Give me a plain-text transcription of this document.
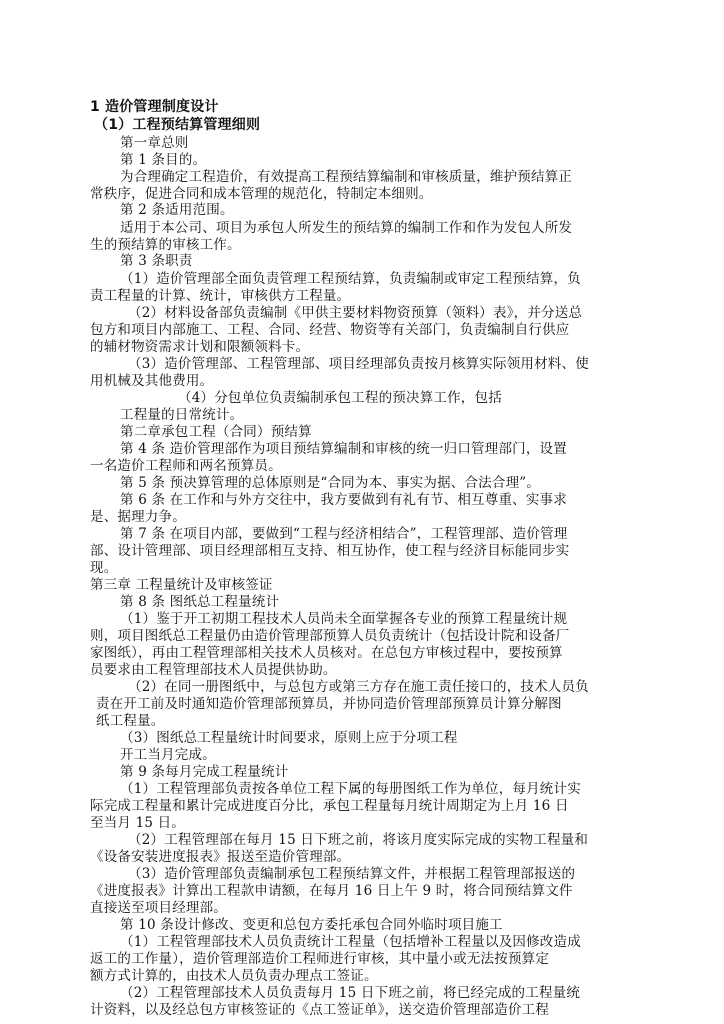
1 造价管理制度设计
（1）工程预结算管理细则
第一章总则
第 1 条目的。
为合理确定工程造价，有效提高工程预结算编制和审核质量，维护预结算正
常秩序，促进合同和成本管理的规范化，特制定本细则。
第 2 条适用范围。
适用于本公司、项目为承包人所发生的预结算的编制工作和作为发包人所发
生的预结算的审核工作。
第 3 条职责
（1）造价管理部全面负责管理工程预结算，负责编制或审定工程预结算，负
责工程量的计算、统计，审核供方工程量。
（2）材料设备部负责编制《甲供主要材料物资预算（领料）表》，并分送总
包方和项目内部施工、工程、合同、经营、物资等有关部门，负责编制自行供应
的辅材物资需求计划和限额领料卡。
（3）造价管理部、工程管理部、项目经理部负责按月核算实际领用材料、使
用机械及其他费用。
（4）分包单位负责编制承包工程的预决算工作，包括
工程量的日常统计。
第二章承包工程（合同）预结算
第 4 条 造价管理部作为项目预结算编制和审核的统一归口管理部门，设置
一名造价工程师和两名预算员。
第 5 条 预决算管理的总体原则是“合同为本、事实为据、合法合理”。
第 6 条 在工作和与外方交往中，我方要做到有礼有节、相互尊重、实事求
是、据理力争。
第 7 条 在项目内部，要做到“工程与经济相结合”，工程管理部、造价管理
部、设计管理部、项目经理部相互支持、相互协作，使工程与经济目标能同步实
现。
第三章 工程量统计及审核签证
第 8 条 图纸总工程量统计
（1）鉴于开工初期工程技术人员尚未全面掌握各专业的预算工程量统计规
则，项目图纸总工程量仍由造价管理部预算人员负责统计（包括设计院和设备厂
家图纸），再由工程管理部相关技术人员核对。在总包方审核过程中，要按预算
员要求由工程管理部技术人员提供协助。
（2）在同一册图纸中，与总包方或第三方存在施工责任接口的，技术人员负
责在开工前及时通知造价管理部预算员，并协同造价管理部预算员计算分解图
纸工程量。
（3）图纸总工程量统计时间要求，原则上应于分项工程
开工当月完成。
第 9 条每月完成工程量统计
（1）工程管理部负责按各单位工程下属的每册图纸工作为单位，每月统计实
际完成工程量和累计完成进度百分比，承包工程量每月统计周期定为上月 16 日
至当月 15 日。
（2）工程管理部在每月 15 日下班之前，将该月度实际完成的实物工程量和
《设备安装进度报表》报送至造价管理部。
（3）造价管理部负责编制承包工程预结算文件，并根据工程管理部报送的
《进度报表》计算出工程款申请额，在每月 16 日上午 9 时，将合同预结算文件
直接送至项目经理部。
第 10 条设计修改、变更和总包方委托承包合同外临时项目施工
（1）工程管理部技术人员负责统计工程量（包括增补工程量以及因修改造成
返工的工作量），造价管理部造价工程师进行审核，其中量小或无法按预算定
额方式计算的，由技术人员负责办理点工签证。
（2）工程管理部技术人员负责每月 15 日下班之前，将已经完成的工程量统
计资料，以及经总包方审核签证的《点工签证单》，送交造价管理部造价工程
